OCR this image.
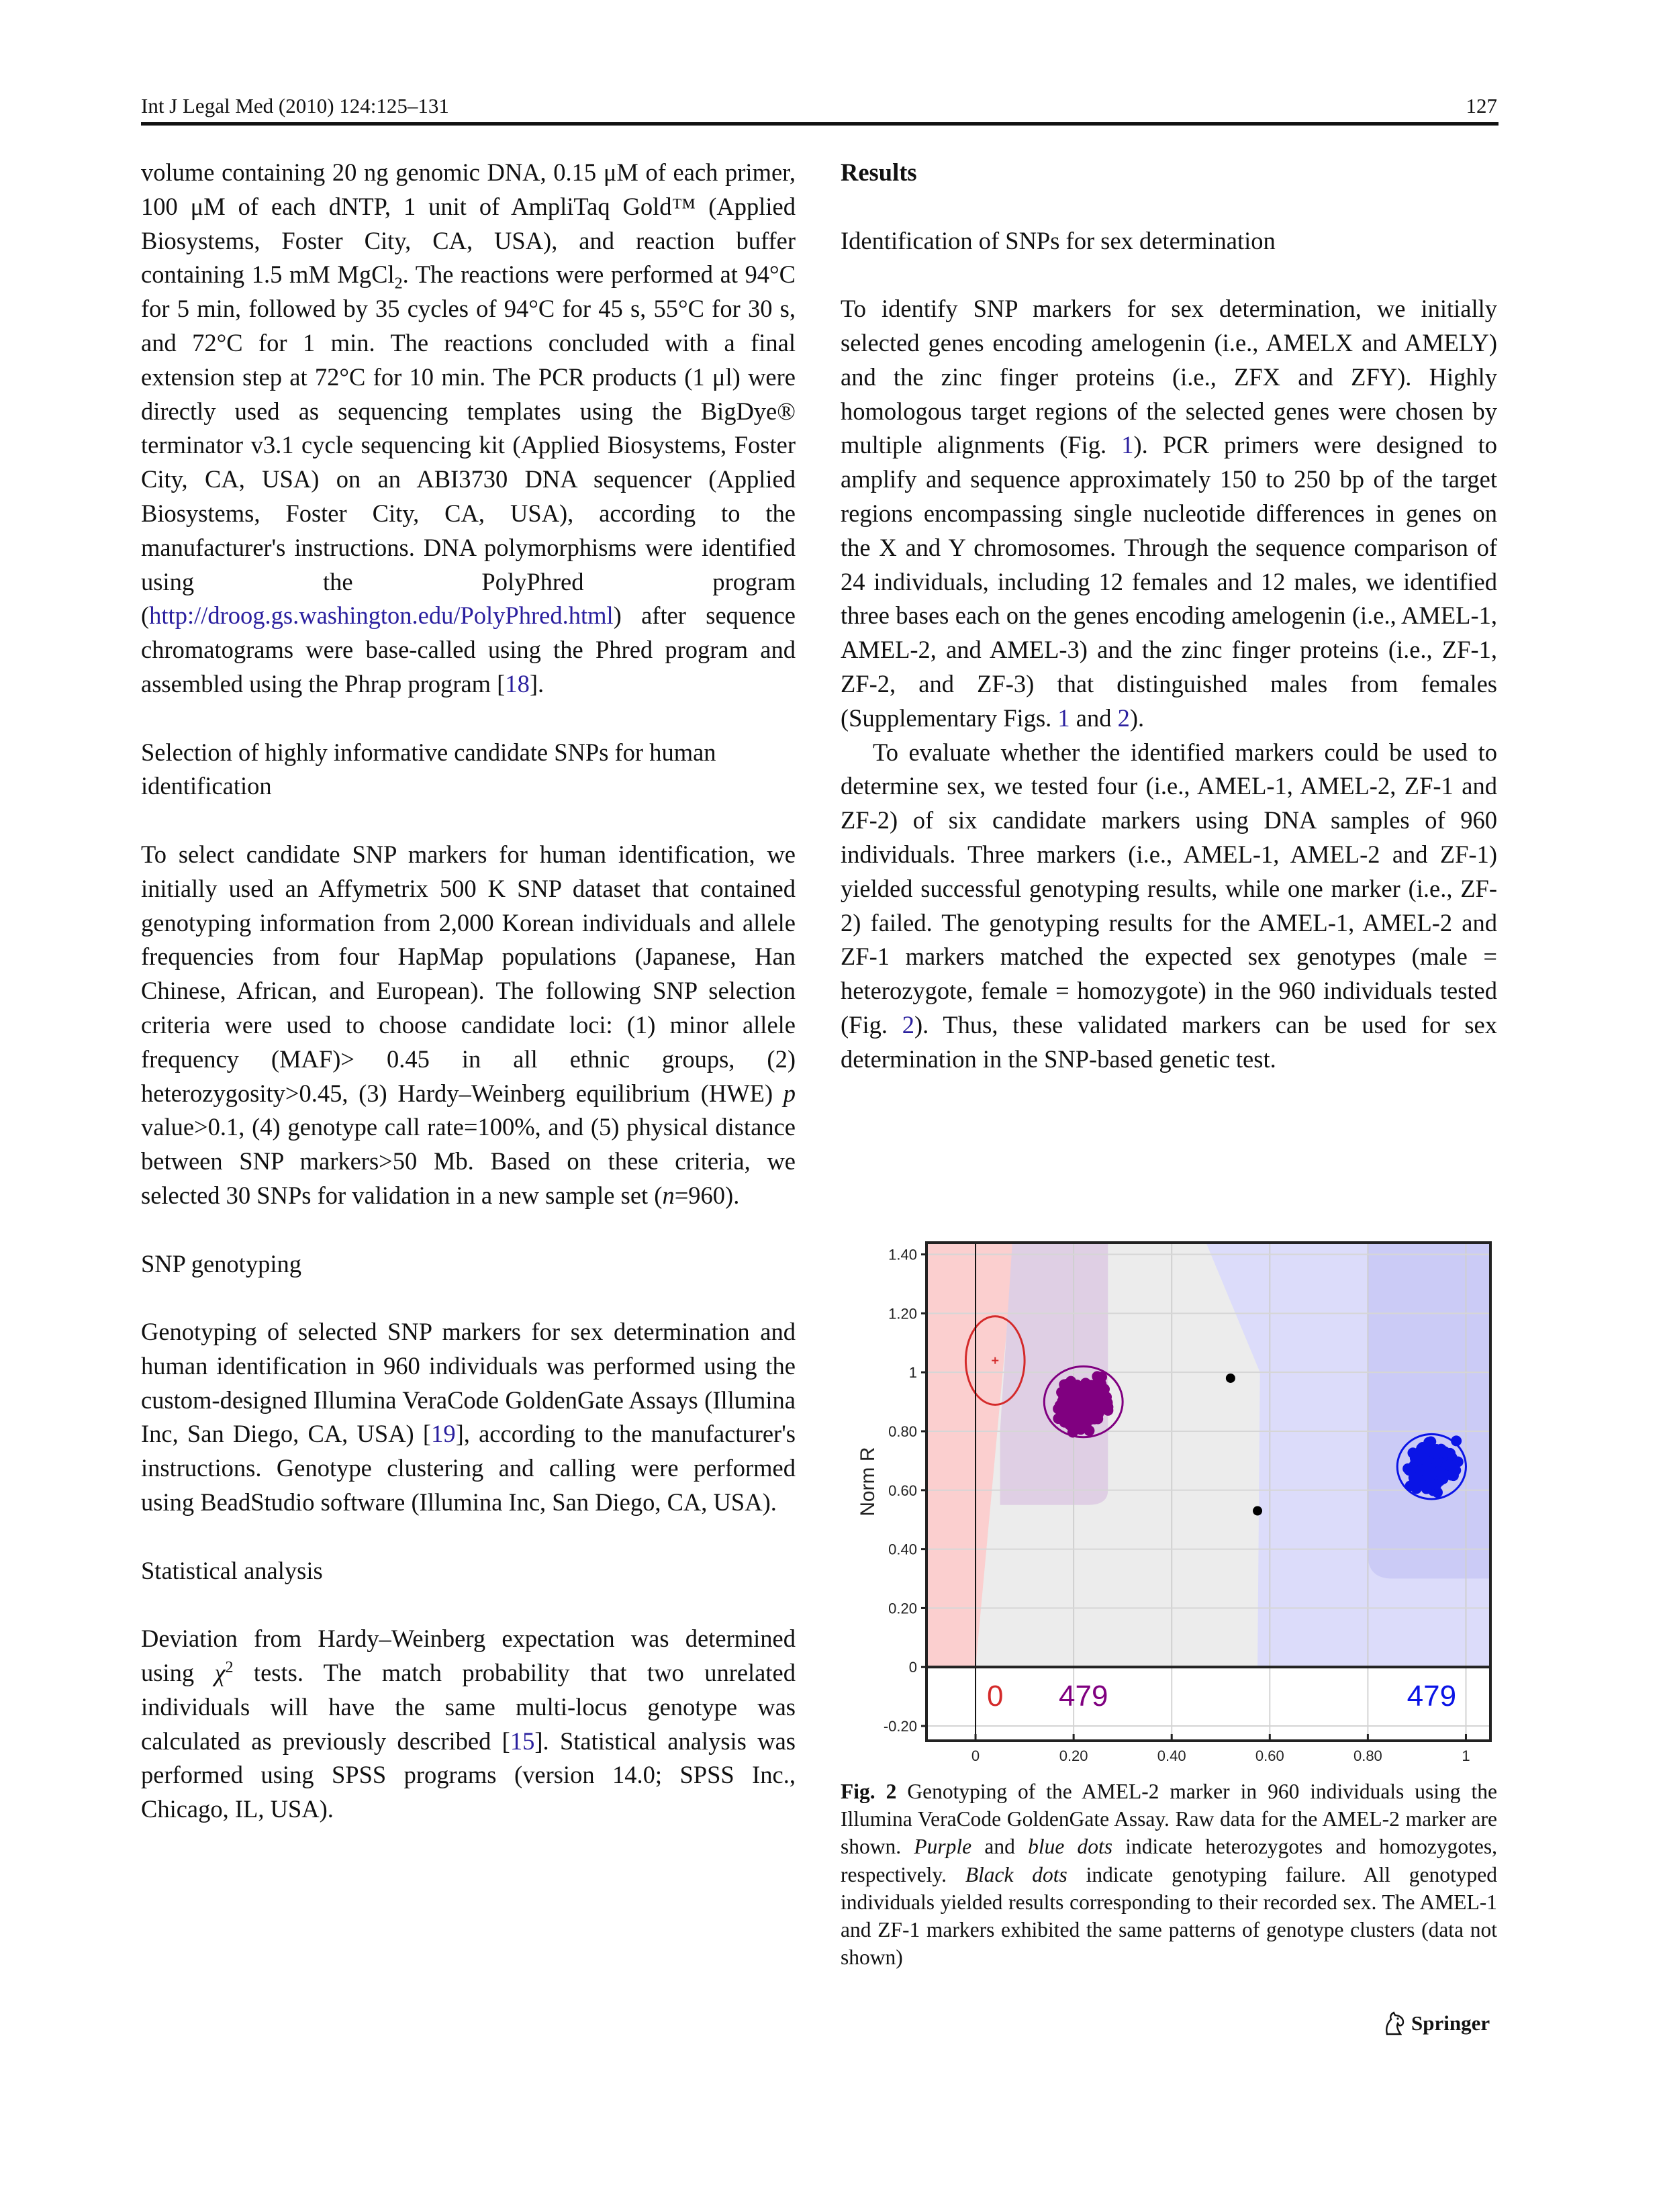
Int J Legal Med (2010) 124:125–131	127

volume containing 20 ng genomic DNA, 0.15 μM of each primer, 100 μM of each dNTP, 1 unit of AmpliTaq Gold™ (Applied Biosystems, Foster City, CA, USA), and reaction buffer containing 1.5 mM MgCl$_2$. The reactions were performed at 94°C for 5 min, followed by 35 cycles of 94°C for 45 s, 55°C for 30 s, and 72°C for 1 min. The reactions concluded with a final extension step at 72°C for 10 min. The PCR products (1 μl) were directly used as sequencing templates using the BigDye® terminator v3.1 cycle sequencing kit (Applied Biosystems, Foster City, CA, USA) on an ABI3730 DNA sequencer (Applied Biosystems, Foster City, CA, USA), according to the manufacturer's instructions. DNA polymorphisms were identified using the PolyPhred program (http://droog.gs.washington.edu/PolyPhred.html) after sequence chromatograms were base-called using the Phred program and assembled using the Phrap program [18].

Selection of highly informative candidate SNPs for human identification

To select candidate SNP markers for human identification, we initially used an Affymetrix 500 K SNP dataset that contained genotyping information from 2,000 Korean individuals and allele frequencies from four HapMap populations (Japanese, Han Chinese, African, and European). The following SNP selection criteria were used to choose candidate loci: (1) minor allele frequency (MAF)> 0.45 in all ethnic groups, (2) heterozygosity>0.45, (3) Hardy–Weinberg equilibrium (HWE) p value>0.1, (4) genotype call rate=100%, and (5) physical distance between SNP markers>50 Mb. Based on these criteria, we selected 30 SNPs for validation in a new sample set (n=960).

SNP genotyping

Genotyping of selected SNP markers for sex determination and human identification in 960 individuals was performed using the custom-designed Illumina VeraCode GoldenGate Assays (Illumina Inc, San Diego, CA, USA) [19], according to the manufacturer's instructions. Genotype clustering and calling were performed using BeadStudio software (Illumina Inc, San Diego, CA, USA).

Statistical analysis

Deviation from Hardy–Weinberg expectation was determined using $\chi^2$ tests. The match probability that two unrelated individuals will have the same multi-locus genotype was calculated as previously described [15]. Statistical analysis was performed using SPSS programs (version 14.0; SPSS Inc., Chicago, IL, USA).

Results
Identification of SNPs for sex determination

To identify SNP markers for sex determination, we initially selected genes encoding amelogenin (i.e., AMELX and AMELY) and the zinc finger proteins (i.e., ZFX and ZFY). Highly homologous target regions of the selected genes were chosen by multiple alignments (Fig. 1). PCR primers were designed to amplify and sequence approximately 150 to 250 bp of the target regions encompassing single nucleotide differences in genes on the X and Y chromosomes. Through the sequence comparison of 24 individuals, including 12 females and 12 males, we identified three bases each on the genes encoding amelogenin (i.e., AMEL-1, AMEL-2, and AMEL-3) and the zinc finger proteins (i.e., ZF-1, ZF-2, and ZF-3) that distinguished males from females (Supplementary Figs. 1 and 2).

To evaluate whether the identified markers could be used to determine sex, we tested four (i.e., AMEL-1, AMEL-2, ZF-1 and ZF-2) of six candidate markers using DNA samples of 960 individuals. Three markers (i.e., AMEL-1, AMEL-2 and ZF-1) yielded successful genotyping results, while one marker (i.e., ZF-2) failed. The genotyping results for the AMEL-1, AMEL-2 and ZF-1 markers matched the expected sex genotypes (male = heterozygote, female = homozygote) in the 960 individuals tested (Fig. 2). Thus, these validated markers can be used for sex determination in the SNP-based genetic test.

-0.20
0
0.20
0.40
0.60
0.80
1
1.20
1.40
0	0.20	0.40	0.60	0.80	1
Norm R
0 479	479

Fig. 2 Genotyping of the AMEL-2 marker in 960 individuals using the Illumina VeraCode GoldenGate Assay. Raw data for the AMEL-2 marker are shown. Purple and blue dots indicate heterozygotes and homozygotes, respectively. Black dots indicate genotyping failure. All genotyped individuals yielded results corresponding to their recorded sex. The AMEL-1 and ZF-1 markers exhibited the same patterns of genotype clusters (data not shown)

Springer
